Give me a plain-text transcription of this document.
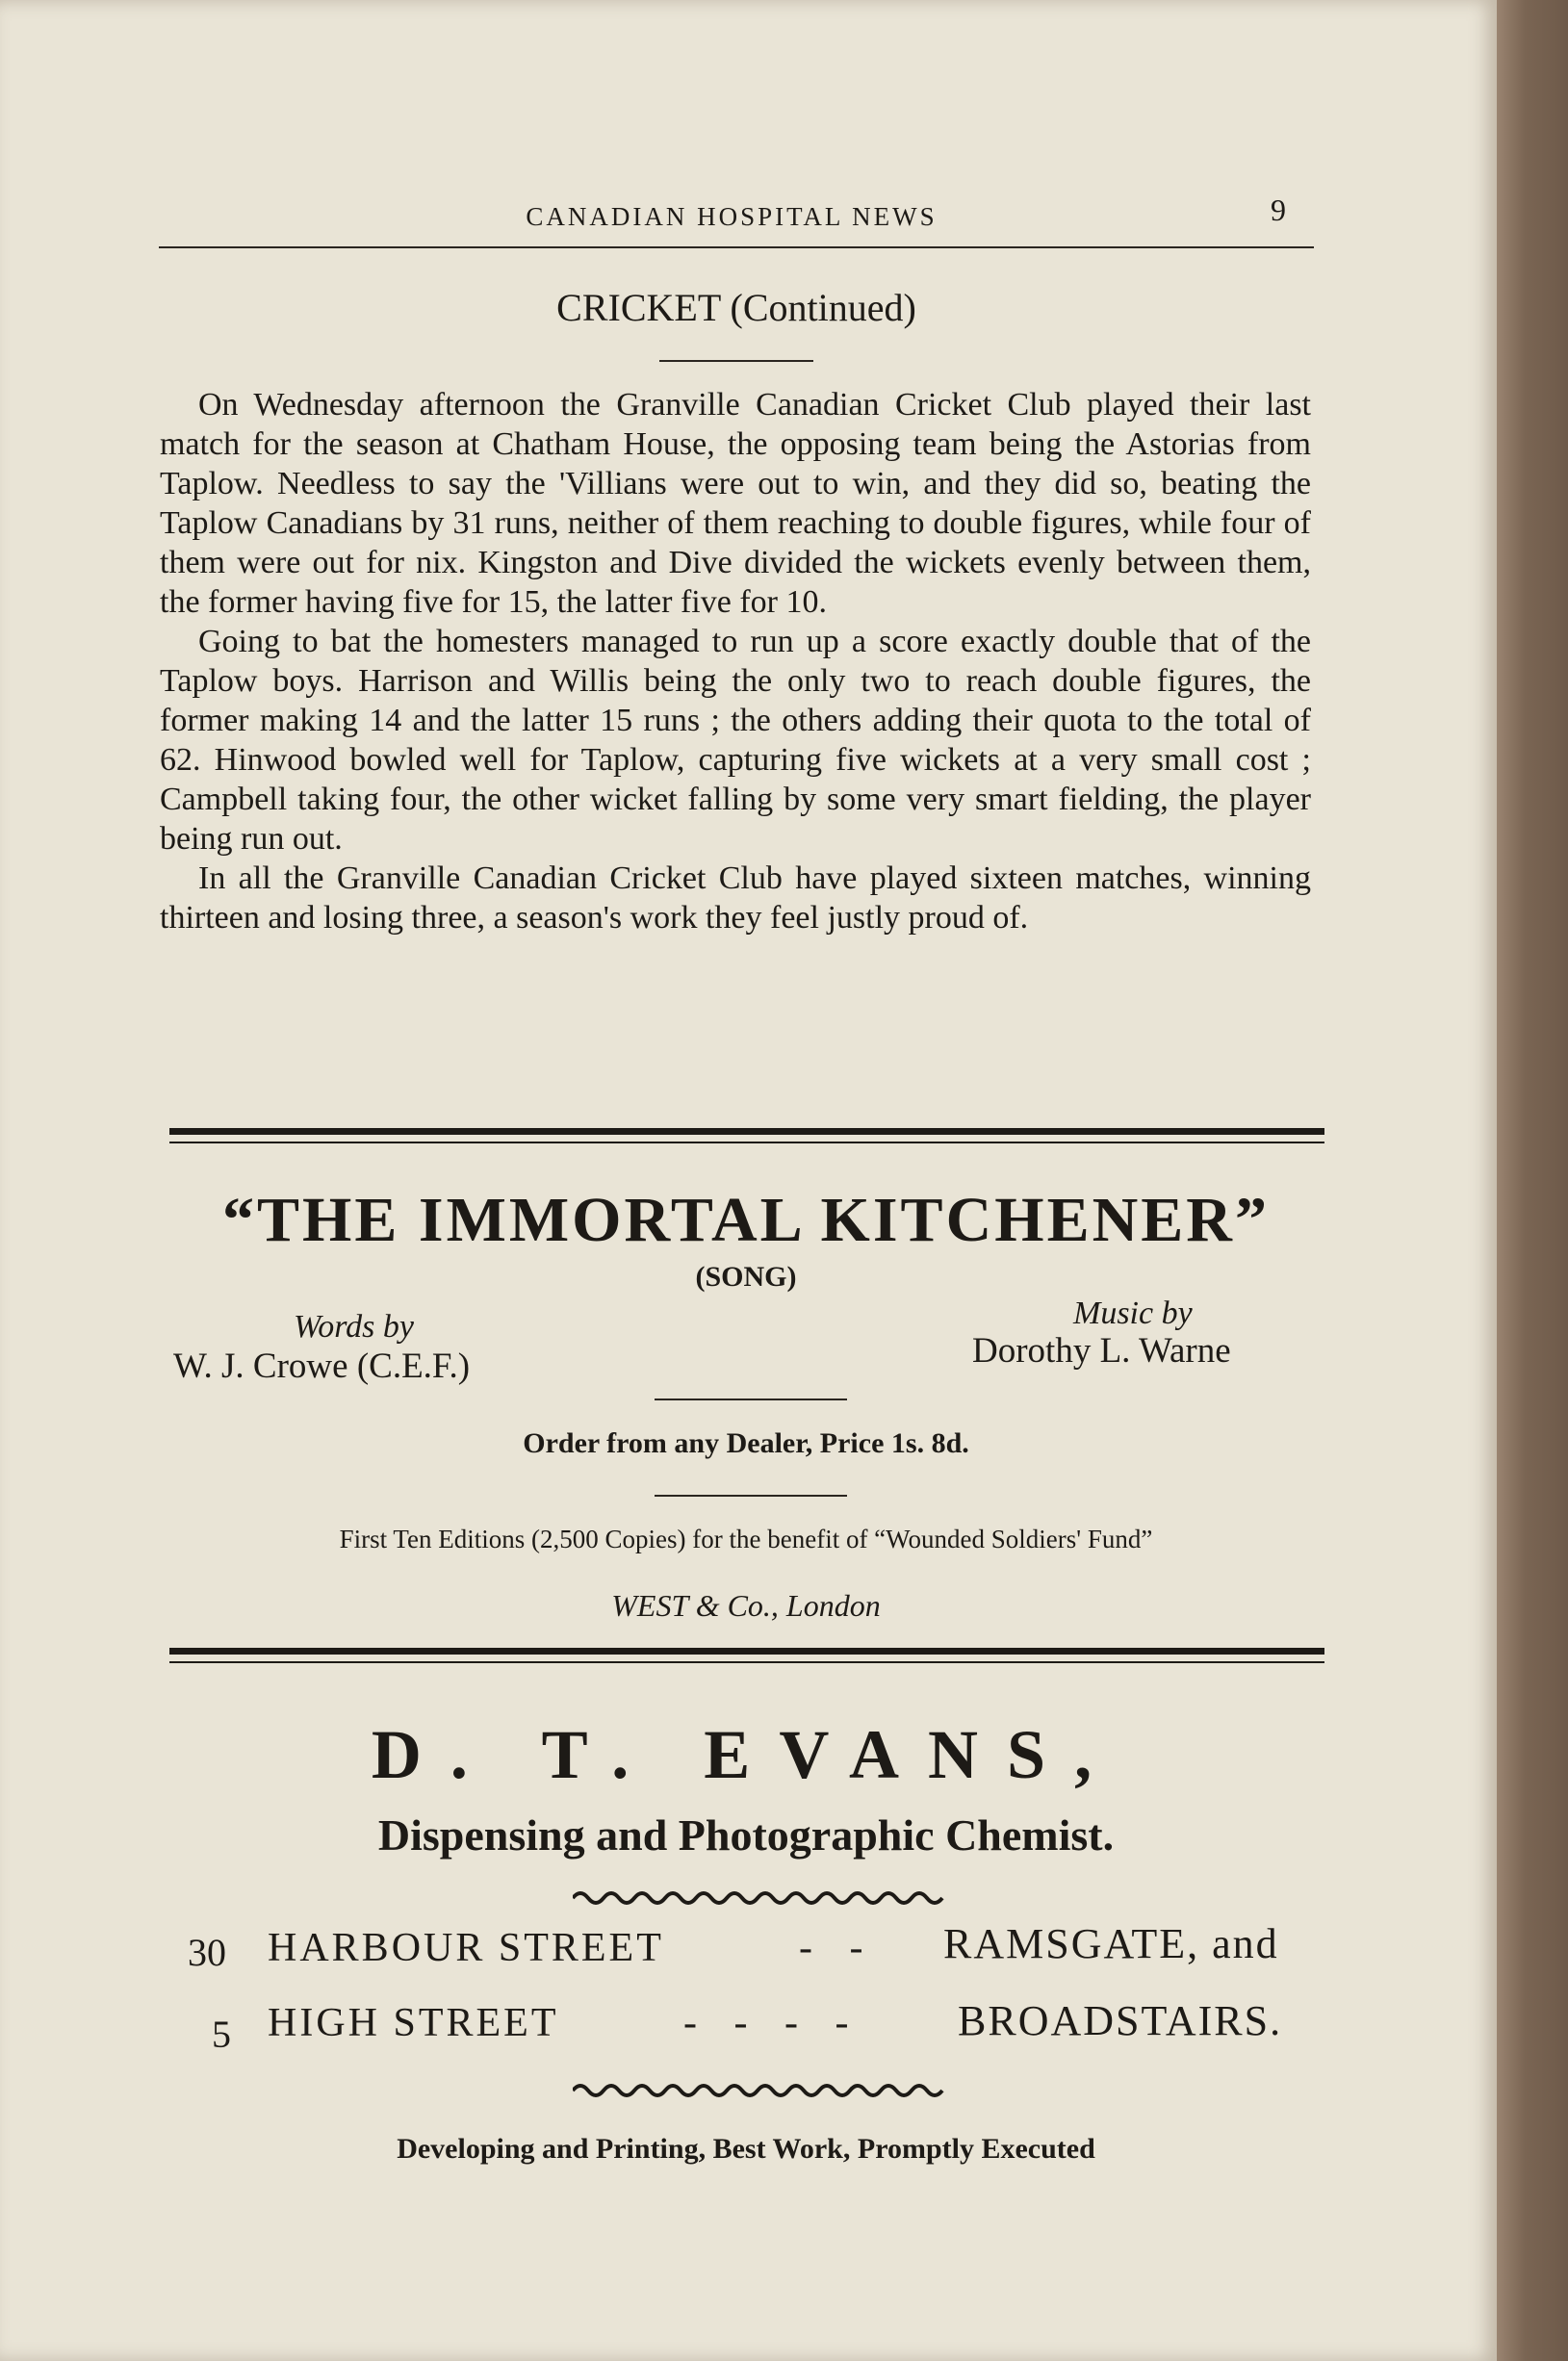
CANADIAN HOSPITAL NEWS	9
CRICKET (Continued)

On Wednesday afternoon the Granville Canadian Cricket Club played their last match for the season at Chatham House, the opposing team being the Astorias from Taplow. Needless to say the 'Villians were out to win, and they did so, beating the Taplow Canadians by 31 runs, neither of them reaching to double figures, while four of them were out for nix. Kingston and Dive divided the wickets evenly between them, the former having five for 15, the latter five for 10.

Going to bat the homesters managed to run up a score exactly double that of the Taplow boys. Harrison and Willis being the only two to reach double figures, the former making 14 and the latter 15 runs ; the others adding their quota to the total of 62. Hinwood bowled well for Taplow, capturing five wickets at a very small cost ; Campbell taking four, the other wicket falling by some very smart fielding, the player being run out.

In all the Granville Canadian Cricket Club have played sixteen matches, winning thirteen and losing three, a season's work they feel justly proud of.

“THE IMMORTAL KITCHENER”
(SONG)
Words by
W. J. Crowe (C.E.F.)
Music by
Dorothy L. Warne
Order from any Dealer, Price 1s. 8d.
First Ten Editions (2,500 Copies) for the benefit of “Wounded Soldiers' Fund”
WEST & Co., London
D. T. EVANS,
Dispensing and Photographic Chemist.
30	HARBOUR STREET	- - RAMSGATE, and
5 HIGH STREET	- - - - BROADSTAIRS.
Developing and Printing, Best Work, Promptly Executed
